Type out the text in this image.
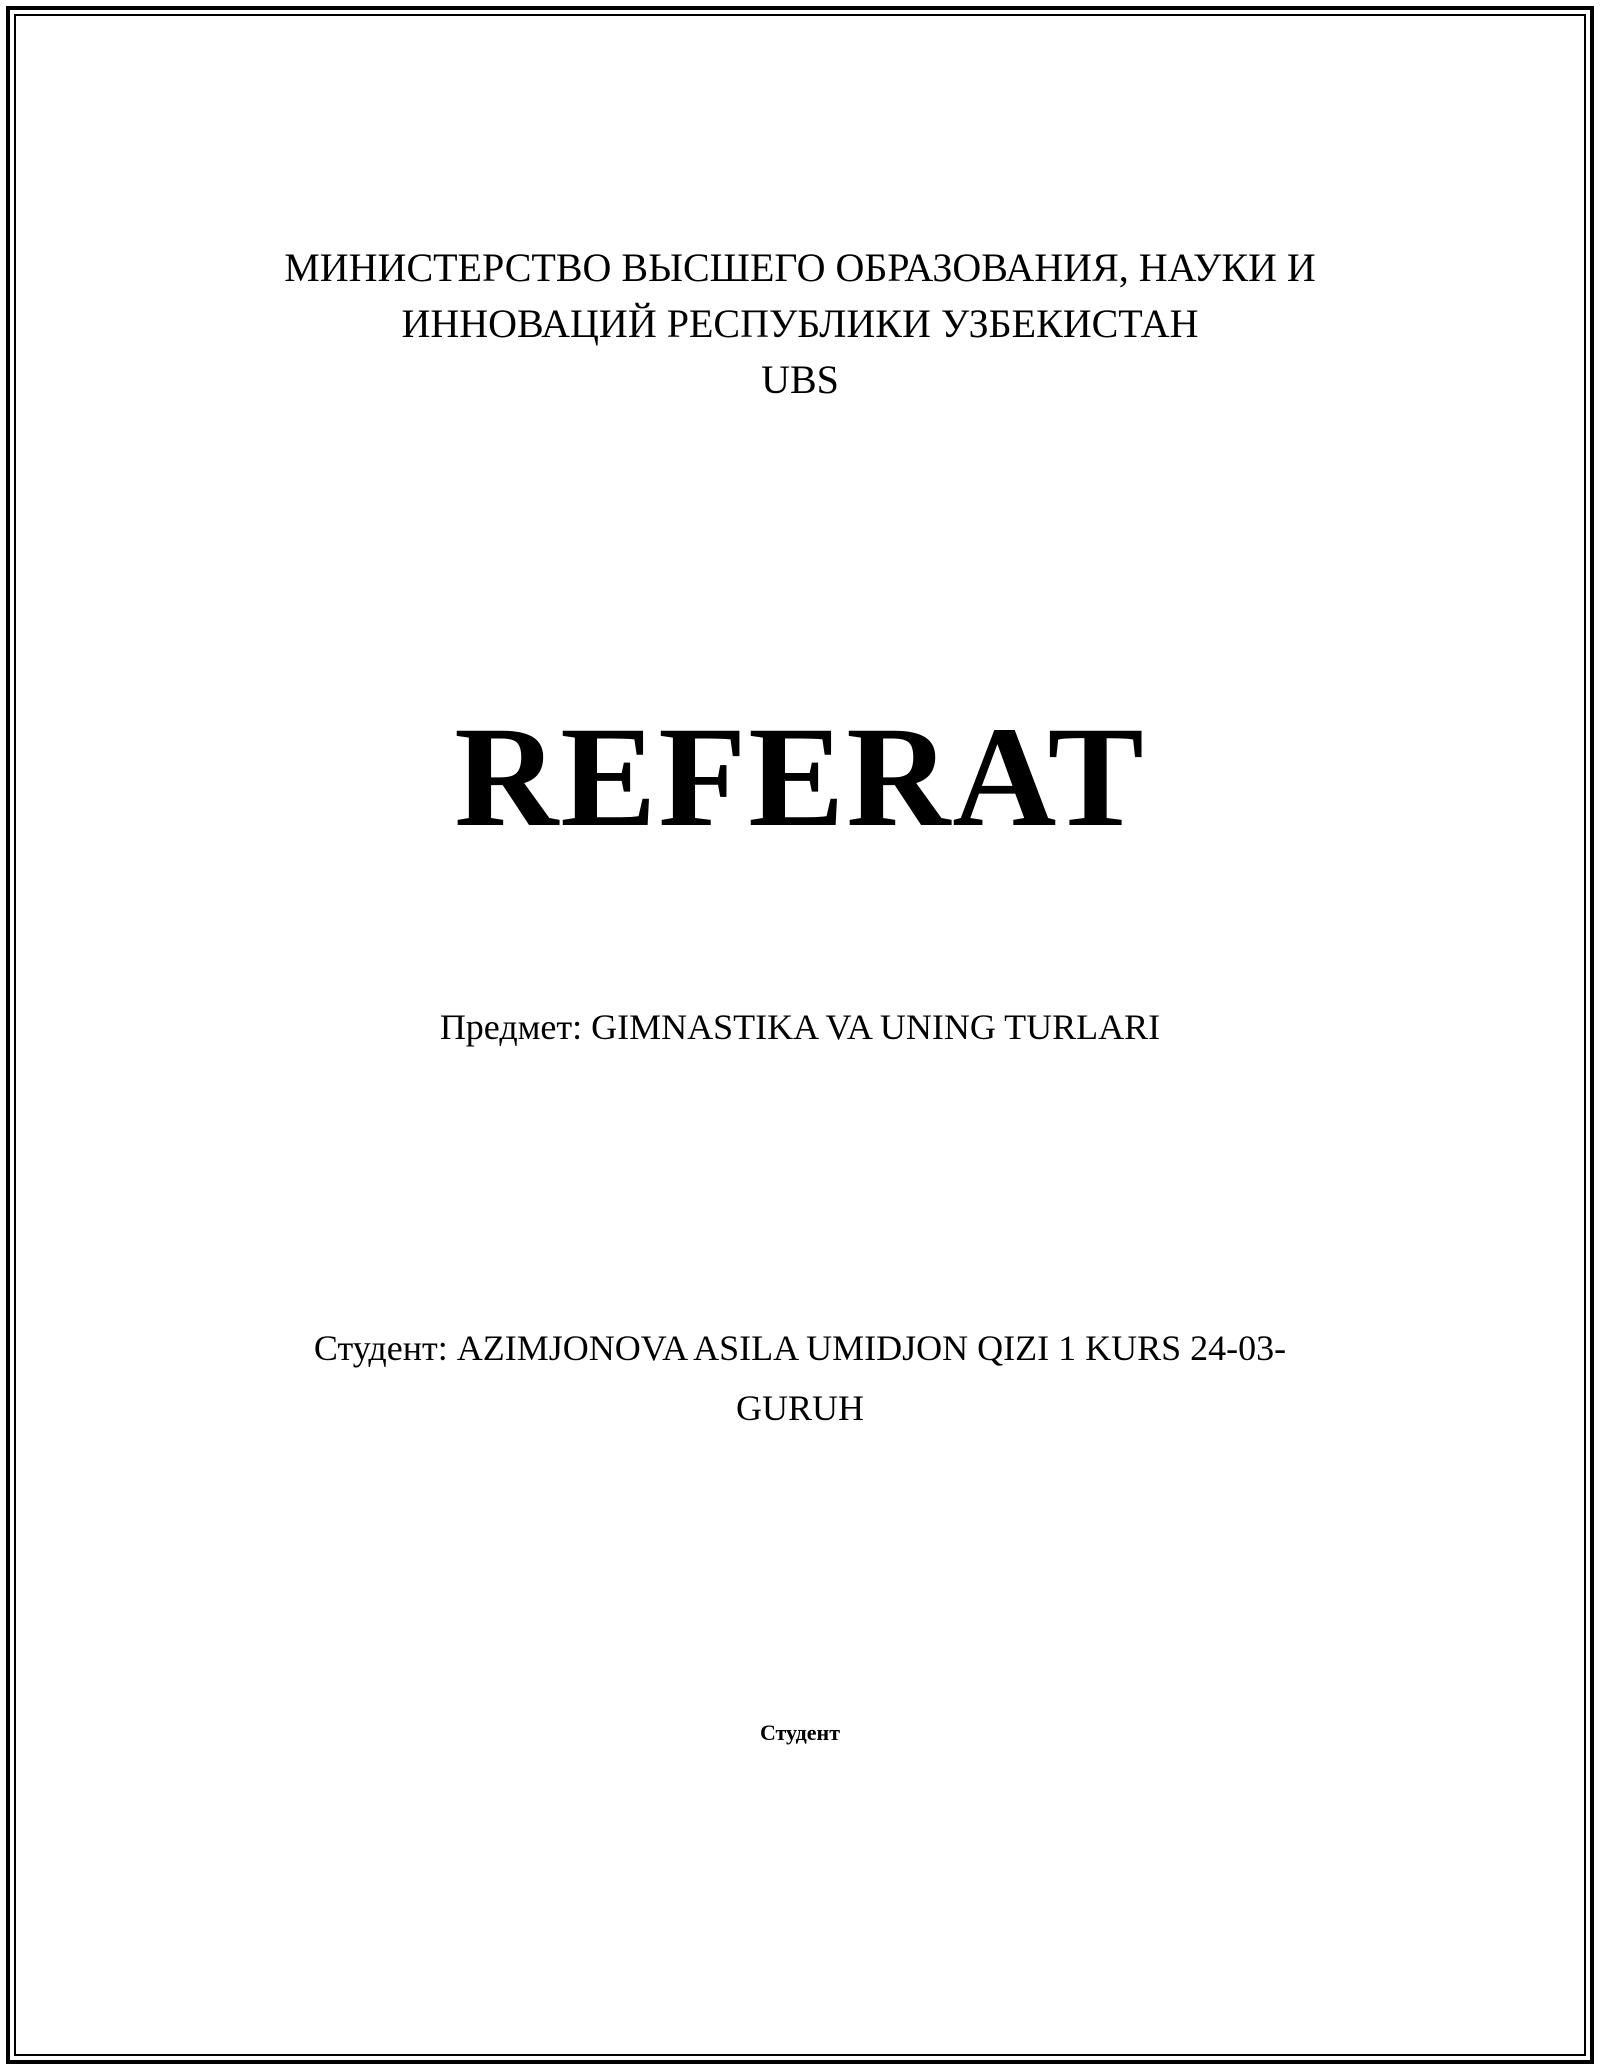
МИНИСТЕРСТВО ВЫСШЕГО ОБРАЗОВАНИЯ, НАУКИ И
ИННОВАЦИЙ РЕСПУБЛИКИ УЗБЕКИСТАН
UBS
REFERAT
Предмет: GIMNASTIKA VA UNING TURLARI
Студент: AZIMJONOVA ASILA UMIDJON QIZI 1 KURS 24-03-
GURUH
Студент
